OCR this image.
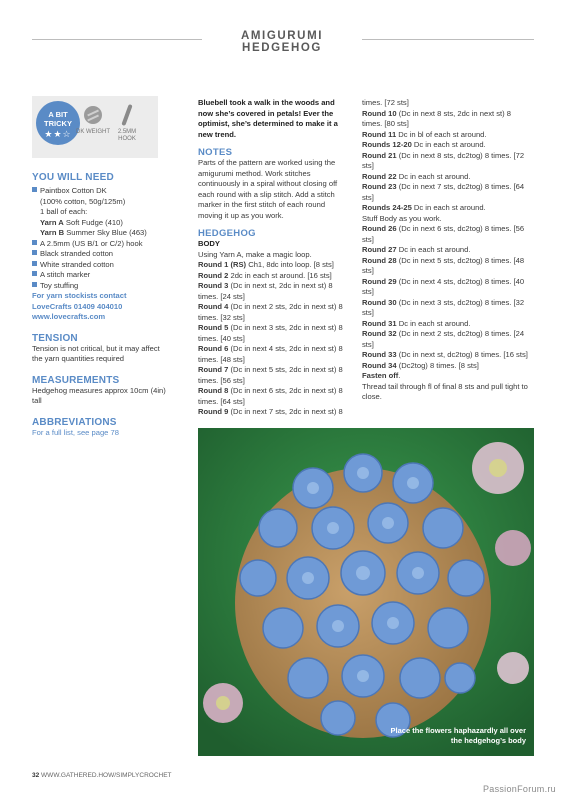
AMIGURUMI HEDGEHOG
A BIT
TRICKY
★★☆ DK WEIGHT	2.5MM HOOK

YOU WILL NEED

Paintbox Cotton DK

(100% cotton, 50g/125m)

1 ball of each:

Yarn A Soft Fudge (410)

Yarn B Summer Sky Blue (463)

A 2.5mm (US B/1 or C/2) hook

Black stranded cotton

White stranded cotton

A stitch marker

Toy stuffing

For yarn stockists contact

LoveCrafts 01409 404010

www.lovecrafts.com

TENSION

Tension is not critical, but it may affect the yarn quantities required

MEASUREMENTS

Hedgehog measures approx 10cm (4in) tall

ABBREVIATIONS

For a full list, see page 78

Bluebell took a walk in the woods and now she’s covered in petals! Ever the optimist, she’s determined to make it a new trend.

NOTES

Parts of the pattern are worked using the amigurumi method. Work stitches continuously in a spiral without closing off each round with a slip stitch. Add a stitch marker in the first stitch of each round moving it up as you work.

HEDGEHOG

BODY

Using Yarn A, make a magic loop.

Round 1 (RS) Ch1, 8dc into loop. [8 sts]

Round 2 2dc in each st around. [16 sts]

Round 3 (Dc in next st, 2dc in next st) 8 times. [24 sts]

Round 4 (Dc in next 2 sts, 2dc in next st) 8 times. [32 sts]

Round 5 (Dc in next 3 sts, 2dc in next st) 8 times. [40 sts]

Round 6 (Dc in next 4 sts, 2dc in next st) 8 times. [48 sts]

Round 7 (Dc in next 5 sts, 2dc in next st) 8 times. [56 sts]

Round 8 (Dc in next 6 sts, 2dc in next st) 8 times. [64 sts]

Round 9 (Dc in next 7 sts, 2dc in next st) 8

times. [72 sts]

Round 10 (Dc in next 8 sts, 2dc in next st) 8 times. [80 sts]

Round 11 Dc in bl of each st around.

Rounds 12-20 Dc in each st around.

Round 21 (Dc in next 8 sts, dc2tog) 8 times. [72 sts]

Round 22 Dc in each st around.

Round 23 (Dc in next 7 sts, dc2tog) 8 times. [64 sts]

Rounds 24-25 Dc in each st around.

Stuff Body as you work.

Round 26 (Dc in next 6 sts, dc2tog) 8 times. [56 sts]

Round 27 Dc in each st around.

Round 28 (Dc in next 5 sts, dc2tog) 8 times. [48 sts]

Round 29 (Dc in next 4 sts, dc2tog) 8 times. [40 sts]

Round 30 (Dc in next 3 sts, dc2tog) 8 times. [32 sts]

Round 31 Dc in each st around.

Round 32 (Dc in next 2 sts, dc2tog) 8 times. [24 sts]

Round 33 (Dc in next st, dc2tog) 8 times. [16 sts]

Round 34 (Dc2tog) 8 times. [8 sts]

Fasten off.

Thread tail through fl of final 8 sts and pull tight to close.

Place the flowers haphazardly all over the hedgehog’s body
32 WWW.GATHERED.HOW/SIMPLYCROCHET
PassionForum.ru
